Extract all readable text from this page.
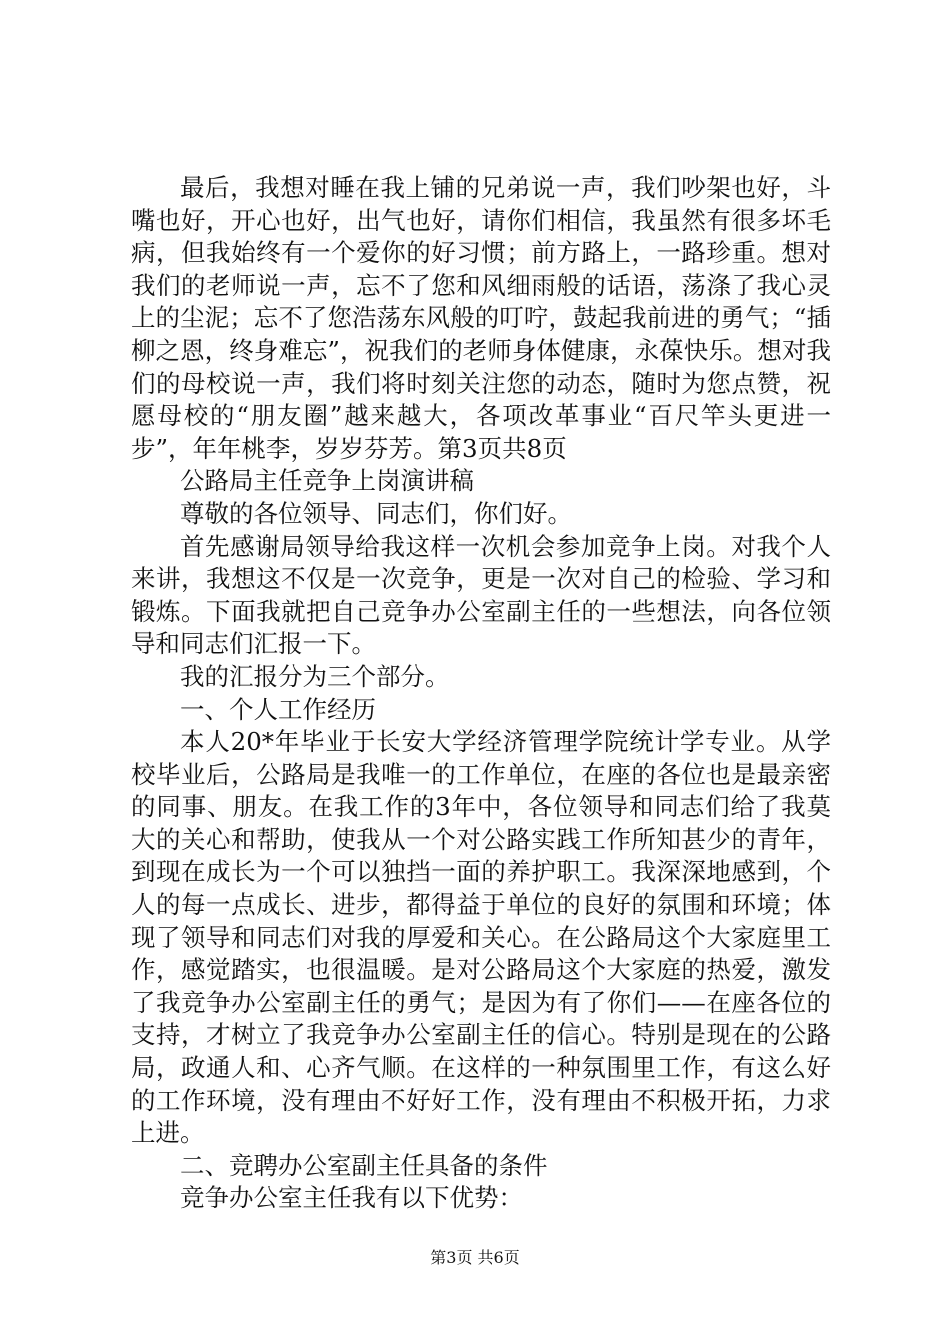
最后，我想对睡在我上铺的兄弟说一声，我们吵架也好，斗嘴也好，开心也好，出气也好，请你们相信，我虽然有很多坏毛病，但我始终有一个爱你的好习惯；前方路上，一路珍重。想对我们的老师说一声，忘不了您和风细雨般的话语，荡涤了我心灵上的尘泥；忘不了您浩荡东风般的叮咛，鼓起我前进的勇气；“插柳之恩，终身难忘”，祝我们的老师身体健康，永葆快乐。想对我们的母校说一声，我们将时刻关注您的动态，随时为您点赞，祝愿母校的“朋友圈”越来越大，各项改革事业“百尺竿头更进一步”，年年桃李，岁岁芬芳。第3页共8页

公路局主任竞争上岗演讲稿

尊敬的各位领导、同志们，你们好。

首先感谢局领导给我这样一次机会参加竞争上岗。对我个人来讲，我想这不仅是一次竞争，更是一次对自己的检验、学习和锻炼。下面我就把自己竞争办公室副主任的一些想法，向各位领导和同志们汇报一下。

我的汇报分为三个部分。

一、个人工作经历

本人20*年毕业于长安大学经济管理学院统计学专业。从学校毕业后，公路局是我唯一的工作单位，在座的各位也是最亲密的同事、朋友。在我工作的3年中，各位领导和同志们给了我莫大的关心和帮助，使我从一个对公路实践工作所知甚少的青年，到现在成长为一个可以独挡一面的养护职工。我深深地感到，个人的每一点成长、进步，都得益于单位的良好的氛围和环境；体现了领导和同志们对我的厚爱和关心。在公路局这个大家庭里工作，感觉踏实，也很温暖。是对公路局这个大家庭的热爱，激发了我竞争办公室副主任的勇气；是因为有了你们——在座各位的支持，才树立了我竞争办公室副主任的信心。特别是现在的公路局，政通人和、心齐气顺。在这样的一种氛围里工作，有这么好的工作环境，没有理由不好好工作，没有理由不积极开拓，力求上进。

二、竞聘办公室副主任具备的条件

竞争办公室主任我有以下优势：

第3页 共6页
